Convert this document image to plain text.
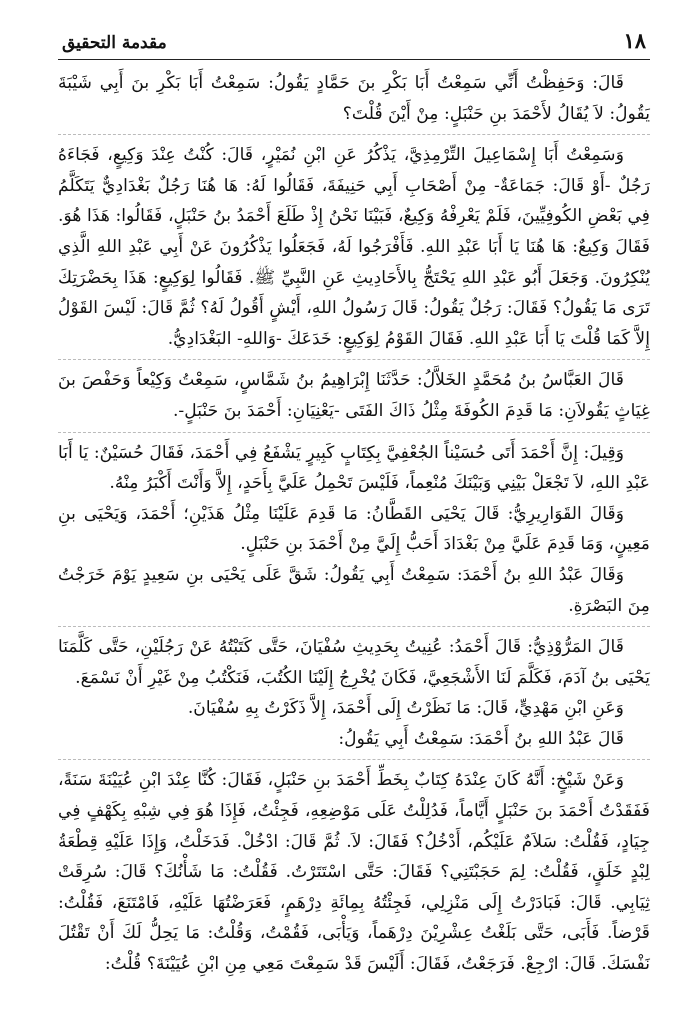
١٨
مقدمة التحقيق

قَالَ: وَحَفِظْتُ أَنِّي سَمِعْتُ أَبَا بَكْرِ بنَ حَمَّادٍ يَقُولُ: سَمِعْتُ أَبَا بَكْرِ بنَ أَبِي شَيْبَةَ يَقُولُ: لاَ يُقَالُ لأَحْمَدَ بنِ حَنْبَلٍ: مِنْ أَيْنَ قُلْتَ؟

وَسَمِعْتُ أَبَا إِسْمَاعِيلَ التِّرْمِذِيَّ، يَذْكُرُ عَنِ ابْنِ نُمَيْرٍ، قَالَ: كُنْتُ عِنْدَ وَكِيعٍ، فَجَاءَهُ رَجُلٌ -أَوْ قَالَ: جَمَاعَةٌ- مِنْ أَصْحَابِ أَبِي حَنِيفَةَ، فَقَالُوا لَهُ: هَا هُنَا رَجُلٌ بَغْدَادِيٌّ يَتَكَلَّمُ فِي بَعْضِ الكُوفِيِّينَ، فَلَمْ يَعْرِفْهُ وَكِيعٌ، فَبَيْنَا نَحْنُ إِذْ طَلَعَ أَحْمَدُ بنُ حَنْبَلٍ، فَقَالُوا: هَذَا هُوَ. فَقَالَ وَكِيعٌ: هَا هُنَا يَا أَبَا عَبْدِ اللهِ. فَأَفْرَجُوا لَهُ، فَجَعَلُوا يَذْكُرُونَ عَنْ أَبِي عَبْدِ اللهِ الَّذِي يُنْكِرُونَ. وَجَعَلَ أَبُو عَبْدِ اللهِ يَحْتَجُّ بِالأَحَادِيثِ عَنِ النَّبِيِّ ﷺ. فَقَالُوا لِوَكِيعٍ: هَذَا بِحَضْرَتِكَ تَرَى مَا يَقُولُ؟ فَقَالَ: رَجُلٌ يَقُولُ: قَالَ رَسُولُ اللهِ، أَيْشٍ أَقُولُ لَهُ؟ ثُمَّ قَالَ: لَيْسَ القَوْلُ إِلاَّ كَمَا قُلْتَ يَا أَبَا عَبْدِ اللهِ. فَقَالَ القَوْمُ لِوَكِيعٍ: خَدَعَكَ -وَاللهِ- البَغْدَادِيُّ.

قَالَ العَبَّاسُ بنُ مُحَمَّدٍ الخَلاَّلُ: حَدَّثَنَا إِبْرَاهِيمُ بنُ شَمَّاسٍ، سَمِعْتُ وَكِيْعاً وَحَفْصَ بنَ غِيَاثٍ يَقُولاَنِ: مَا قَدِمَ الكُوفَةَ مِثْلُ ذَاكَ الفَتَى -يَعْنِيَانِ: أَحْمَدَ بنَ حَنْبَلٍ-.

وَقِيلَ: إِنَّ أَحْمَدَ أَتَى حُسَيْناً الجُعْفِيَّ بِكِتَابٍ كَبِيرٍ يَشْفَعُ فِي أَحْمَدَ، فَقَالَ حُسَيْنٌ: يَا أَبَا عَبْدِ اللهِ، لاَ تَجْعَلْ بَيْنِي وَبَيْنَكَ مُنْعِماً، فَلَيْسَ تَحْمِلُ عَلَيَّ بِأَحَدٍ، إِلاَّ وَأَنْتَ أَكْبَرُ مِنْهُ.

وَقَالَ القَوَارِيرِيُّ: قَالَ يَحْيَى القَطَّانُ: مَا قَدِمَ عَلَيْنَا مِثْلُ هَذَيْنِ؛ أَحْمَدَ، وَيَحْيَى بنِ مَعِينٍ، وَمَا قَدِمَ عَلَيَّ مِنْ بَغْدَادَ أَحَبُّ إِلَيَّ مِنْ أَحْمَدَ بنِ حَنْبَلٍ.

وَقَالَ عَبْدُ اللهِ بنُ أَحْمَدَ: سَمِعْتُ أَبِي يَقُولُ: شَقَّ عَلَى يَحْيَى بنِ سَعِيدٍ يَوْمَ خَرَجْتُ مِنَ البَصْرَةِ.

قَالَ المَرُّوْذِيُّ: قَالَ أَحْمَدُ: عُنِيتُ بِحَدِيثِ سُفْيَانَ، حَتَّى كَتَبْتُهُ عَنْ رَجُلَيْنِ، حَتَّى كَلَّمَنَا يَحْيَى بنُ آدَمَ، فَكَلَّمَ لَنَا الأَشْجَعِيَّ، فَكَانَ يُخْرِجُ إِلَيْنَا الكُتُبَ، فَنَكْتُبُ مِنْ غَيْرِ أَنْ نَسْمَعَ.

وَعَنِ ابْنِ مَهْدِيٍّ، قَالَ: مَا نَظَرْتُ إِلَى أَحْمَدَ، إِلاَّ ذَكَرْتُ بِهِ سُفْيَانَ.

قَالَ عَبْدُ اللهِ بنُ أَحْمَدَ: سَمِعْتُ أَبِي يَقُولُ:

وَعَنْ شَيْخٍ: أَنَّهُ كَانَ عِنْدَهُ كِتَابٌ بِخَطِّ أَحْمَدَ بنِ حَنْبَلٍ، فَقَالَ: كُنَّا عِنْدَ ابْنِ عُيَيْنَةَ سَنَةً، فَفَقَدْتُ أَحْمَدَ بنَ حَنْبَلٍ أَيَّاماً، فَدُلِلْتُ عَلَى مَوْضِعِهِ، فَجِئْتُ، فَإِذَا هُوَ فِي شِبْهِ بِكَهْفٍ فِي جِيَادٍ، فَقُلْتُ: سَلاَمٌ عَلَيْكُم، أَدْخُلُ؟ فَقَالَ: لاَ. ثُمَّ قَالَ: ادْخُلْ. فَدَخَلْتُ، وَإِذَا عَلَيْهِ قِطْعَةُ لِبْدٍ خَلَقٍ، فَقُلْتُ: لِمَ حَجَبْتَنِي؟ فَقَالَ: حَتَّى اسْتَتَرْتُ. فَقُلْتُ: مَا شَأْنُكَ؟ قَالَ: سُرِقَتْ ثِيَابِي. قَالَ: فَبَادَرْتُ إِلَى مَنْزِلِي، فَجِئْتُهُ بِمِائَةِ دِرْهَمٍ، فَعَرَضْتُهَا عَلَيْهِ، فَامْتَنَعَ، فَقُلْتُ: قَرْضاً. فَأَبَى، حَتَّى بَلَغْتُ عِشْرِيْنَ دِرْهَماً، وَيَأْبَى، فَقُمْتُ، وَقُلْتُ: مَا يَحِلُّ لَكَ أَنْ تَقْتُلَ نَفْسَكَ. قَالَ: ارْجِعْ. فَرَجَعْتُ، فَقَالَ: أَلَيْسَ قَدْ سَمِعْتَ مَعِي مِنِ ابْنِ عُيَيْنَةَ؟ قُلْتُ:
